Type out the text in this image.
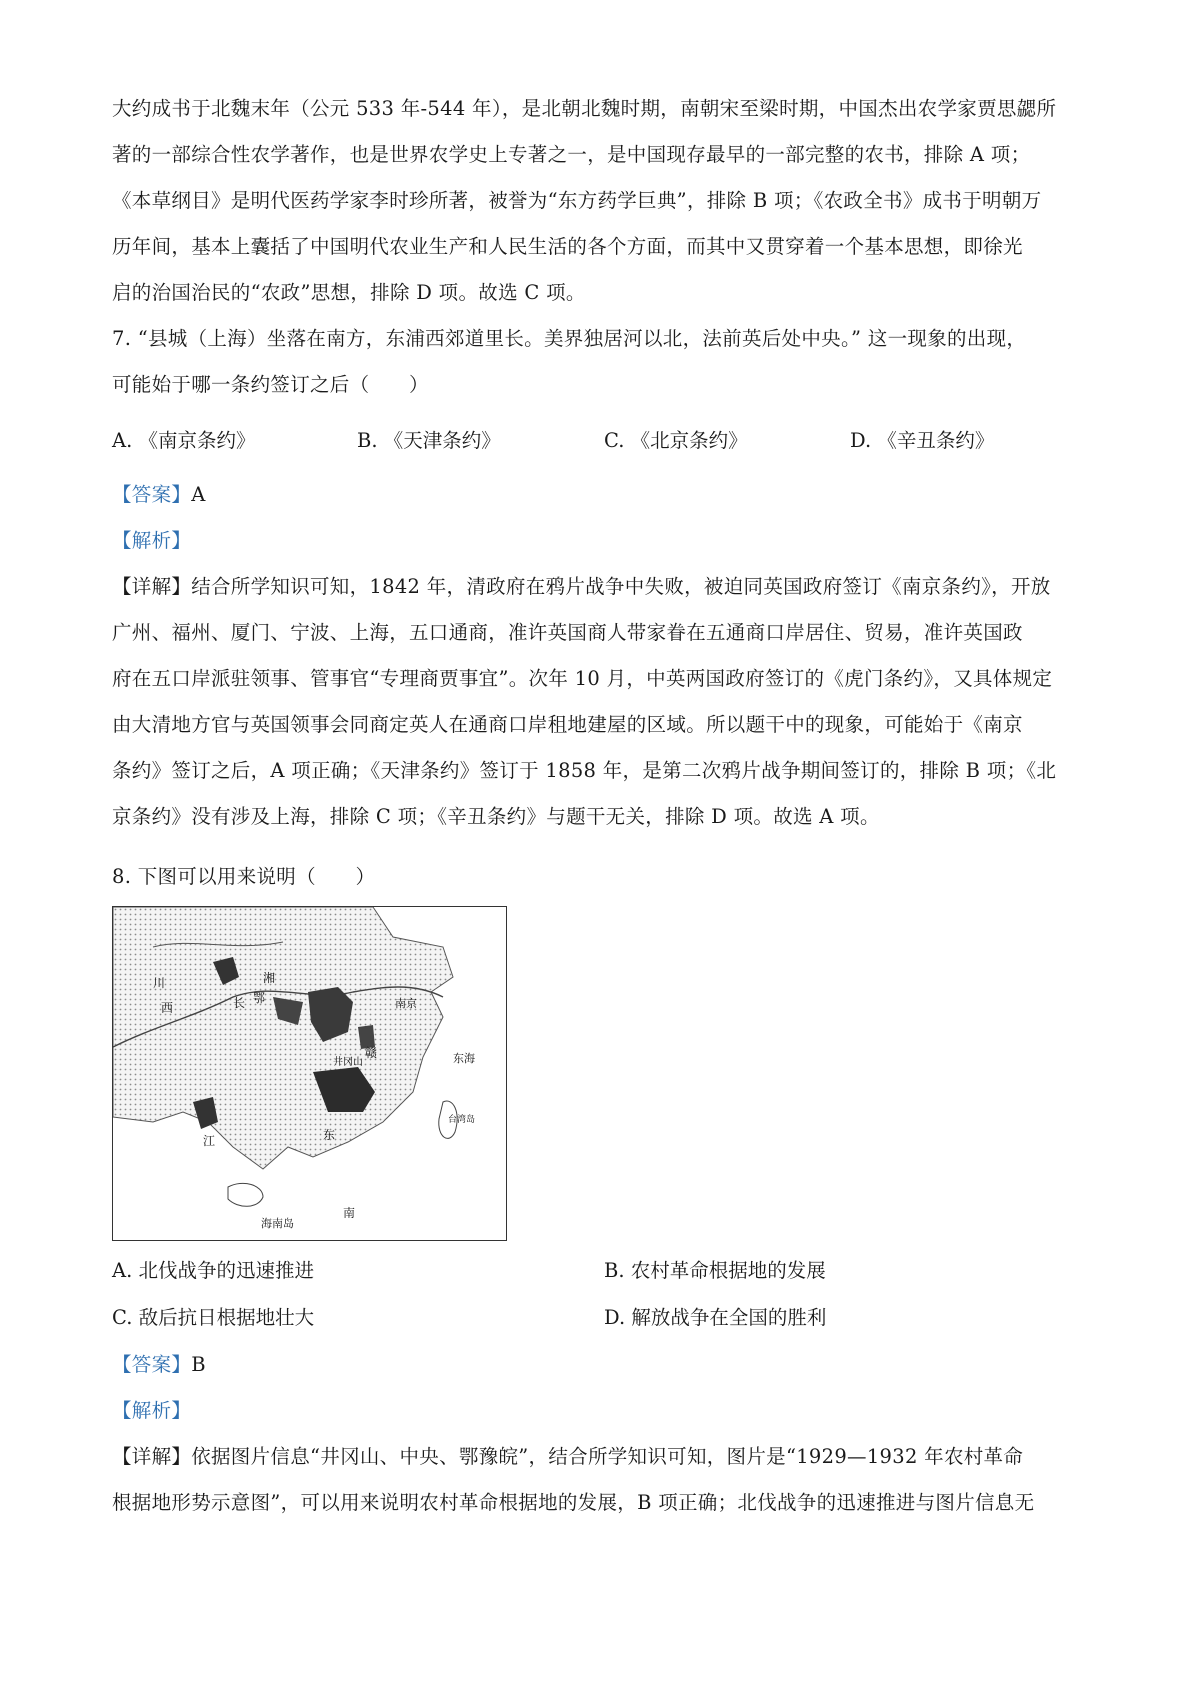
大约成书于北魏末年（公元 533 年-544 年），是北朝北魏时期，南朝宋至梁时期，中国杰出农学家贾思勰所
著的一部综合性农学著作，也是世界农学史上专著之一，是中国现存最早的一部完整的农书，排除 A 项；
《本草纲目》是明代医药学家李时珍所著，被誉为“东方药学巨典”，排除 B 项；《农政全书》成书于明朝万
历年间，基本上囊括了中国明代农业生产和人民生活的各个方面，而其中又贯穿着一个基本思想，即徐光
启的治国治民的“农政”思想，排除 D 项。故选 C 项。
7. “县城（上海）坐落在南方，东浦西郊道里长。美界独居河以北，法前英后处中央。” 这一现象的出现，
可能始于哪一条约签订之后（　　）
A. 《南京条约》	B. 《天津条约》	C. 《北京条约》	D. 《辛丑条约》
【答案】A
【解析】
【详解】结合所学知识可知，1842 年，清政府在鸦片战争中失败，被迫同英国政府签订《南京条约》，开放
广州、福州、厦门、宁波、上海，五口通商，准许英国商人带家眷在五通商口岸居住、贸易，准许英国政
府在五口岸派驻领事、管事官“专理商贾事宜”。次年 10 月，中英两国政府签订的《虎门条约》，又具体规定
由大清地方官与英国领事会同商定英人在通商口岸租地建屋的区域。所以题干中的现象，可能始于《南京
条约》签订之后，A 项正确；《天津条约》签订于 1858 年，是第二次鸦片战争期间签订的，排除 B 项；《北
京条约》没有涉及上海，排除 C 项；《辛丑条约》与题干无关，排除 D 项。故选 A 项。
8. 下图可以用来说明（　　）
川
西	长
湘
鄂	南京
井冈山	东海
南
海南岛
江
台湾岛
东
赣
A. 北伐战争的迅速推进	B. 农村革命根据地的发展
C. 敌后抗日根据地壮大	D. 解放战争在全国的胜利
【答案】B
【解析】
【详解】依据图片信息“井冈山、中央、鄂豫皖”，结合所学知识可知，图片是“1929—1932 年农村革命
根据地形势示意图”，可以用来说明农村革命根据地的发展，B 项正确；北伐战争的迅速推进与图片信息无
